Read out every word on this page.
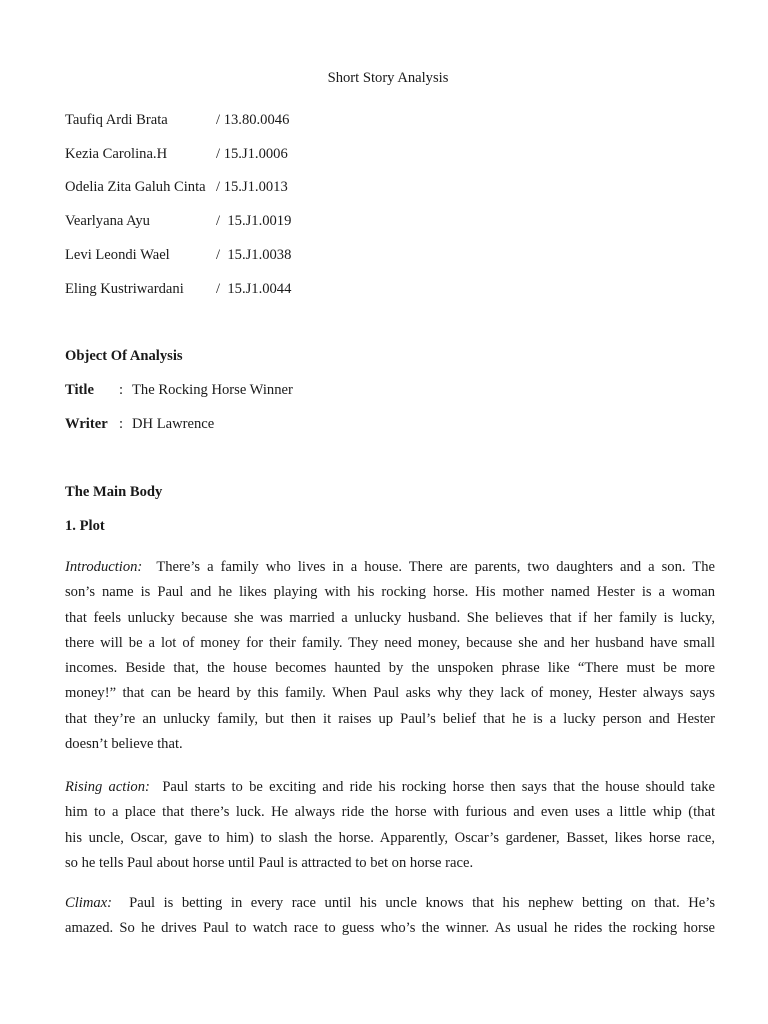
Short Story Analysis
Taufiq Ardi Brata	/ 13.80.0046
Kezia Carolina.H	/ 15.J1.0006
Odelia Zita Galuh Cinta / 15.J1.0013
Vearlyana Ayu	/  15.J1.0019
Levi Leondi Wael	/  15.J1.0038
Eling Kustriwardani /  15.J1.0044
Object Of Analysis
Title : The Rocking Horse Winner
Writer : DH Lawrence
The Main Body
1. Plot
Introduction: There’s a family who lives in a house. There are parents, two daughters and a son. The
son’s name is Paul and he likes playing with his rocking horse. His mother named Hester is a woman
that feels unlucky because she was married a unlucky husband. She believes that if her family is lucky,
there will be a lot of money for their family. They need money, because she and her husband have small
incomes. Beside that, the house becomes haunted by the unspoken phrase like “There must be more
money!” that can be heard by this family. When Paul asks why they lack of money, Hester always says
that they’re an unlucky family, but then it raises up Paul’s belief that he is a lucky person and Hester
doesn’t believe that.
Rising action: Paul starts to be exciting and ride his rocking horse then says that the house should take
him to a place that there’s luck. He always ride the horse with furious and even uses a little whip (that
his uncle, Oscar, gave to him) to slash the horse. Apparently, Oscar’s gardener, Basset, likes horse race,
so he tells Paul about horse until Paul is attracted to bet on horse race.
Climax: Paul is betting in every race until his uncle knows that his nephew betting on that. He’s
amazed. So he drives Paul to watch race to guess who’s the winner. As usual he rides the rocking horse
